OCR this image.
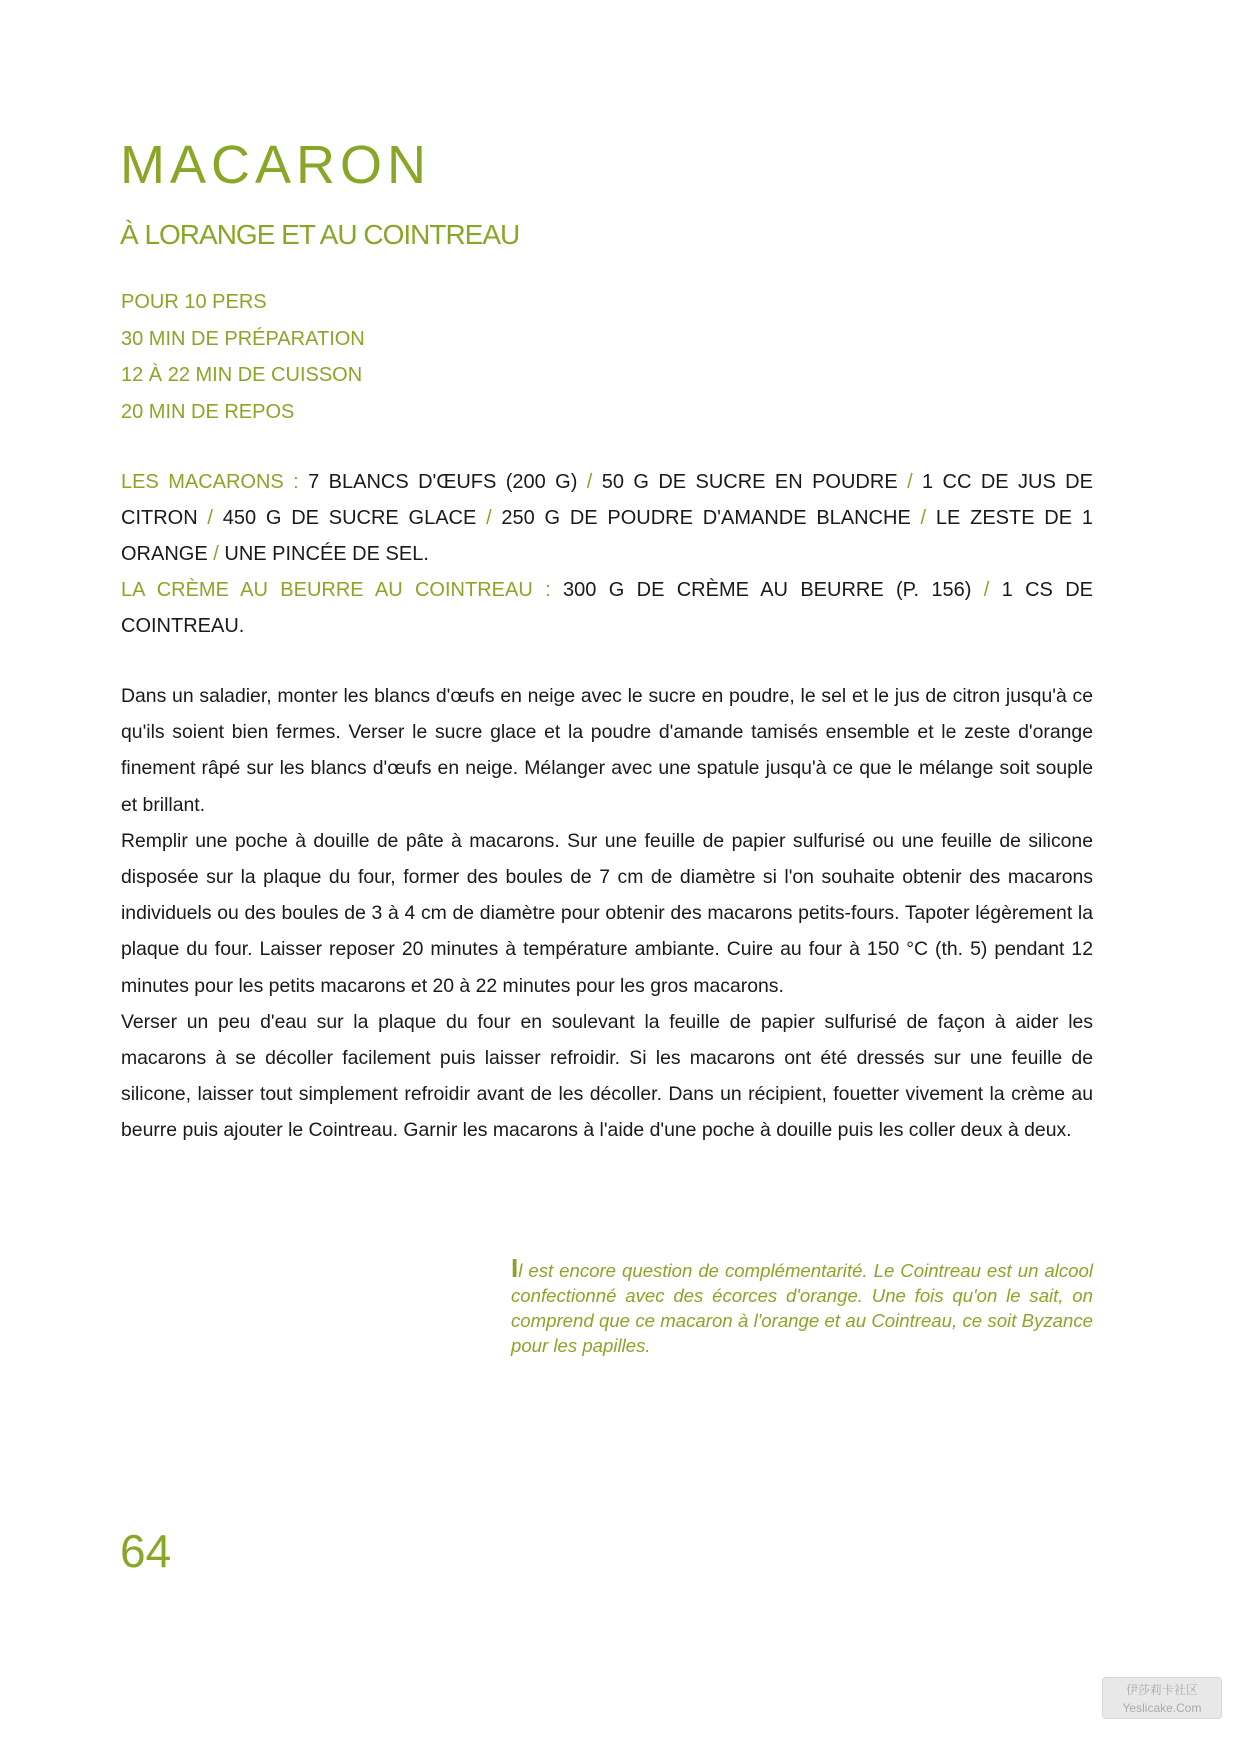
MACARON
À LORANGE ET AU COINTREAU
POUR 10 PERS
30 MIN DE PRÉPARATION
12 À 22 MIN DE CUISSON
20 MIN DE REPOS

LES MACARONS : 7 BLANCS D'ŒUFS (200 G) / 50 G DE SUCRE EN POUDRE / 1 CC DE JUS DE CITRON / 450 G DE SUCRE GLACE / 250 G DE POUDRE D'AMANDE BLANCHE / LE ZESTE DE 1 ORANGE / UNE PINCÉE DE SEL.

LA CRÈME AU BEURRE AU COINTREAU : 300 G DE CRÈME AU BEURRE (P. 156) / 1 CS DE COINTREAU.

Dans un saladier, monter les blancs d'œufs en neige avec le sucre en poudre, le sel et le jus de citron jusqu'à ce qu'ils soient bien fermes. Verser le sucre glace et la poudre d'amande tamisés ensemble et le zeste d'orange finement râpé sur les blancs d'œufs en neige. Mélanger avec une spatule jusqu'à ce que le mélange soit souple et brillant.

Remplir une poche à douille de pâte à macarons. Sur une feuille de papier sulfurisé ou une feuille de silicone disposée sur la plaque du four, former des boules de 7 cm de diamètre si l'on souhaite obtenir des macarons individuels ou des boules de 3 à 4 cm de diamètre pour obtenir des macarons petits-fours. Tapoter légèrement la plaque du four. Laisser reposer 20 minutes à température ambiante. Cuire au four à 150 °C (th. 5) pendant 12 minutes pour les petits macarons et 20 à 22 minutes pour les gros macarons.

Verser un peu d'eau sur la plaque du four en soulevant la feuille de papier sulfurisé de façon à aider les macarons à se décoller facilement puis laisser refroidir. Si les macarons ont été dressés sur une feuille de silicone, laisser tout simplement refroidir avant de les décoller. Dans un récipient, fouetter vivement la crème au beurre puis ajouter le Cointreau. Garnir les macarons à l'aide d'une poche à douille puis les coller deux à deux.

Il est encore question de complémentarité. Le Cointreau est un alcool confectionné avec des écorces d'orange. Une fois qu'on le sait, on comprend que ce macaron à l'orange et au Cointreau, ce soit Byzance pour les papilles.

64
伊莎莉卡社区
Yeslicake.Com
